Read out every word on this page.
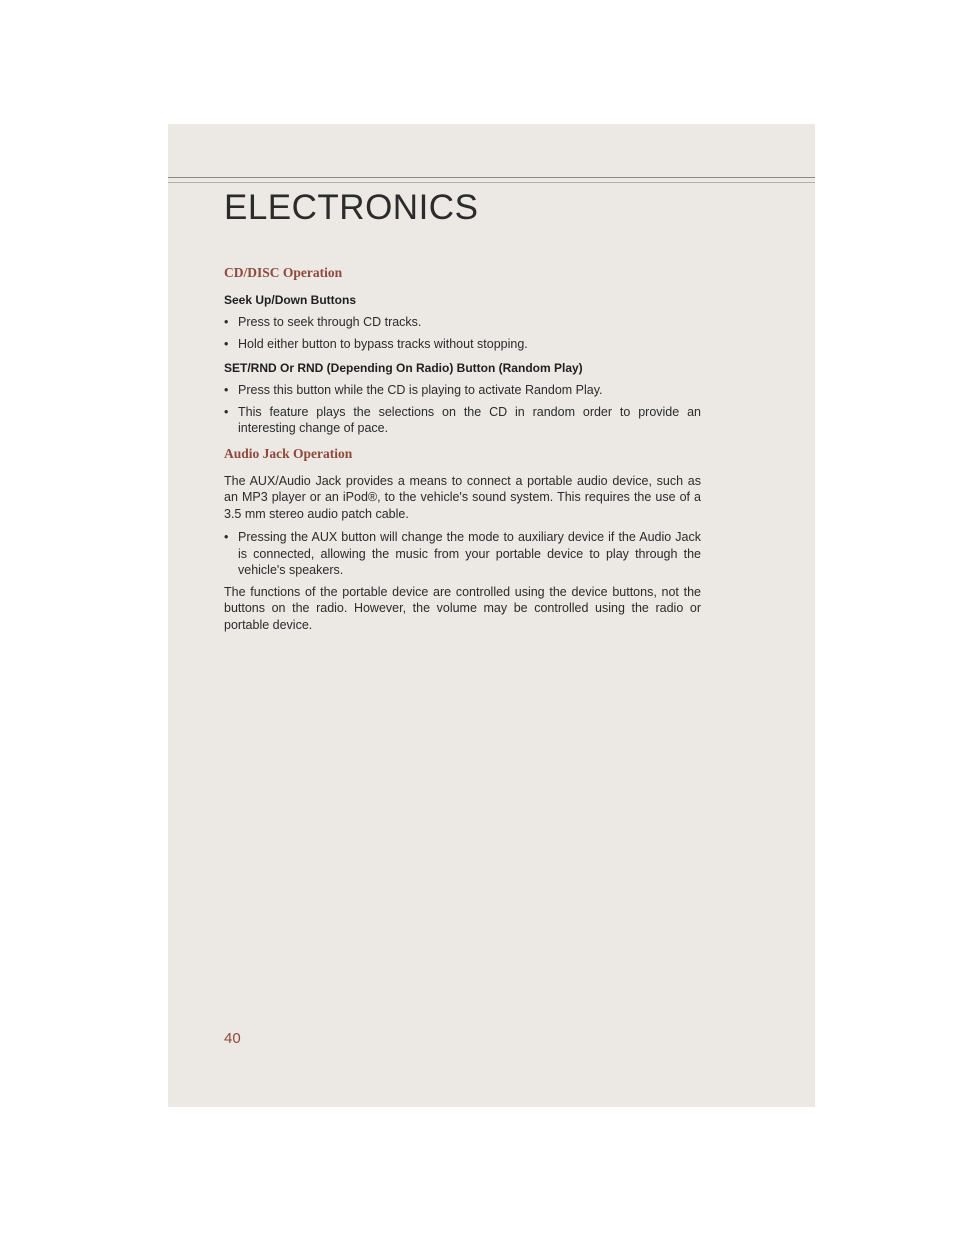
ELECTRONICS
CD/DISC Operation
Seek Up/Down Buttons
• Press to seek through CD tracks.
• Hold either button to bypass tracks without stopping.
SET/RND Or RND (Depending On Radio) Button (Random Play)
• Press this button while the CD is playing to activate Random Play.
• This feature plays the selections on the CD in random order to provide an interesting change of pace.
Audio Jack Operation

The AUX/Audio Jack provides a means to connect a portable audio device, such as an MP3 player or an iPod®, to the vehicle's sound system. This requires the use of a 3.5 mm stereo audio patch cable.

• Pressing the AUX button will change the mode to auxiliary device if the Audio Jack is connected, allowing the music from your portable device to play through the vehicle's speakers.

The functions of the portable device are controlled using the device buttons, not the buttons on the radio. However, the volume may be controlled using the radio or portable device.

40
